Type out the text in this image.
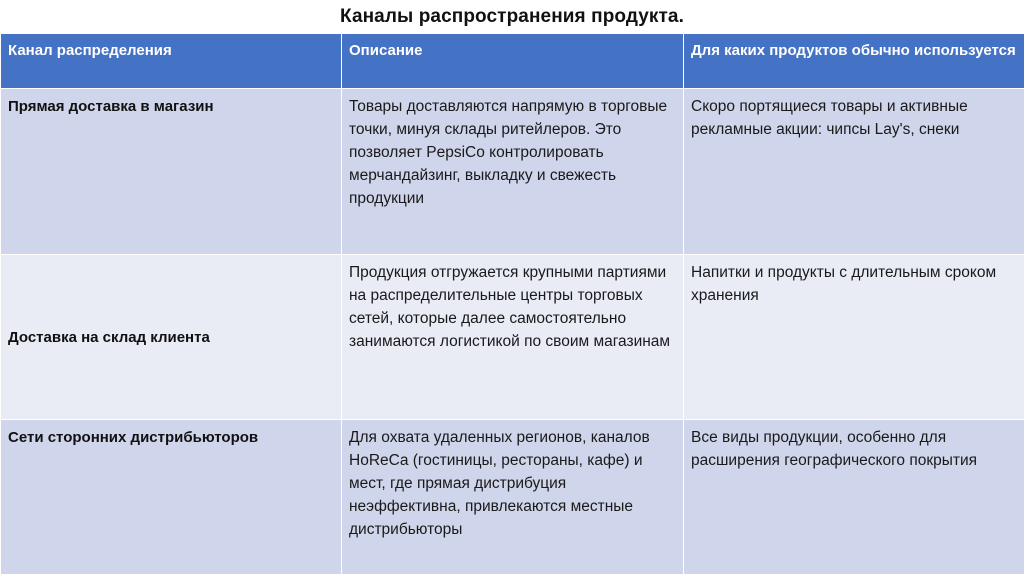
Каналы распространения продукта.
Канал распределения	Описание	Для каких продуктов обычно используется
Прямая доставка в магазин	Товары доставляются напрямую в торговые точки, минуя склады ритейлеров. Это позволяет PepsiCo контролировать мерчандайзинг, выкладку и свежесть продукции	Скоро портящиеся товары и активные рекламные акции: чипсы Lay's, снеки
Доставка на склад клиента	Продукция отгружается крупными партиями на распределительные центры торговых сетей, которые далее самостоятельно занимаются логистикой по своим магазинам	Напитки и продукты с длительным сроком хранения
Сети сторонних дистрибьюторов	Для охвата удаленных регионов, каналов HoReCa (гостиницы, рестораны, кафе) и мест, где прямая дистрибуция неэффективна, привлекаются местные дистрибьюторы	Все виды продукции, особенно для расширения географического покрытия
